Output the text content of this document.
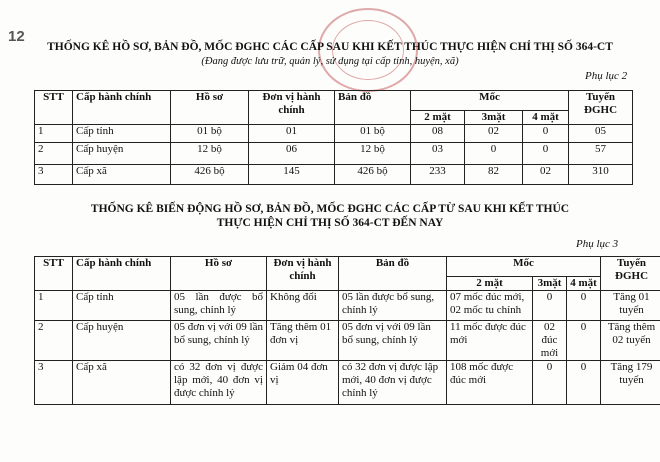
12
THỐNG KÊ HỒ SƠ, BẢN ĐỒ, MỐC ĐGHC CÁC CẤP SAU KHI KẾT THÚC THỰC HIỆN CHỈ THỊ SỐ 364-CT
(Đang được lưu trữ, quản lý, sử dụng tại cấp tỉnh, huyện, xã)
Phụ lục 2
STT	Cấp hành chính	Hồ sơ	Đơn vị hành chính	Bản đồ	Mốc			Tuyến ĐGHC
					2 mặt	3mặt	4 mặt	
1	Cấp tỉnh	01 bộ	01	01 bộ	08	02	0	05
2	Cấp huyện	12 bộ	06	12 bộ	03	0	0	57
3	Cấp xã	426 bộ	145	426 bộ	233	82	02	310
THỐNG KÊ BIẾN ĐỘNG HỒ SƠ, BẢN ĐỒ, MỐC ĐGHC CÁC CẤP TỪ SAU KHI KẾT THÚC
THỰC HIỆN CHỈ THỊ SỐ 364-CT ĐẾN NAY
Phụ lục 3
STT	Cấp hành chính	Hồ sơ	Đơn vị hành chính	Bản đồ	Mốc			Tuyến ĐGHC
					2 mặt	3mặt	4 mặt	
1	Cấp tỉnh	05 lần được bổ sung, chỉnh lý	Không đổi	05 lần được bổ sung, chỉnh lý	07 mốc đúc mới, 02 mốc tu chỉnh	0	0	Tăng 01 tuyến
2	Cấp huyện	05 đơn vị với 09 lần bổ sung, chỉnh lý	Tăng thêm 01 đơn vị	05 đơn vị với 09 lần bổ sung, chỉnh lý	11 mốc được đúc mới	02 đúc mới	0	Tăng thêm 02 tuyến
3	Cấp xã	có 32 đơn vị được lập mới, 40 đơn vị được chỉnh lý	Giảm 04 đơn vị	có 32 đơn vị được lập mới, 40 đơn vị được chỉnh lý	108 mốc được đúc mới	0	0	Tăng 179 tuyến
